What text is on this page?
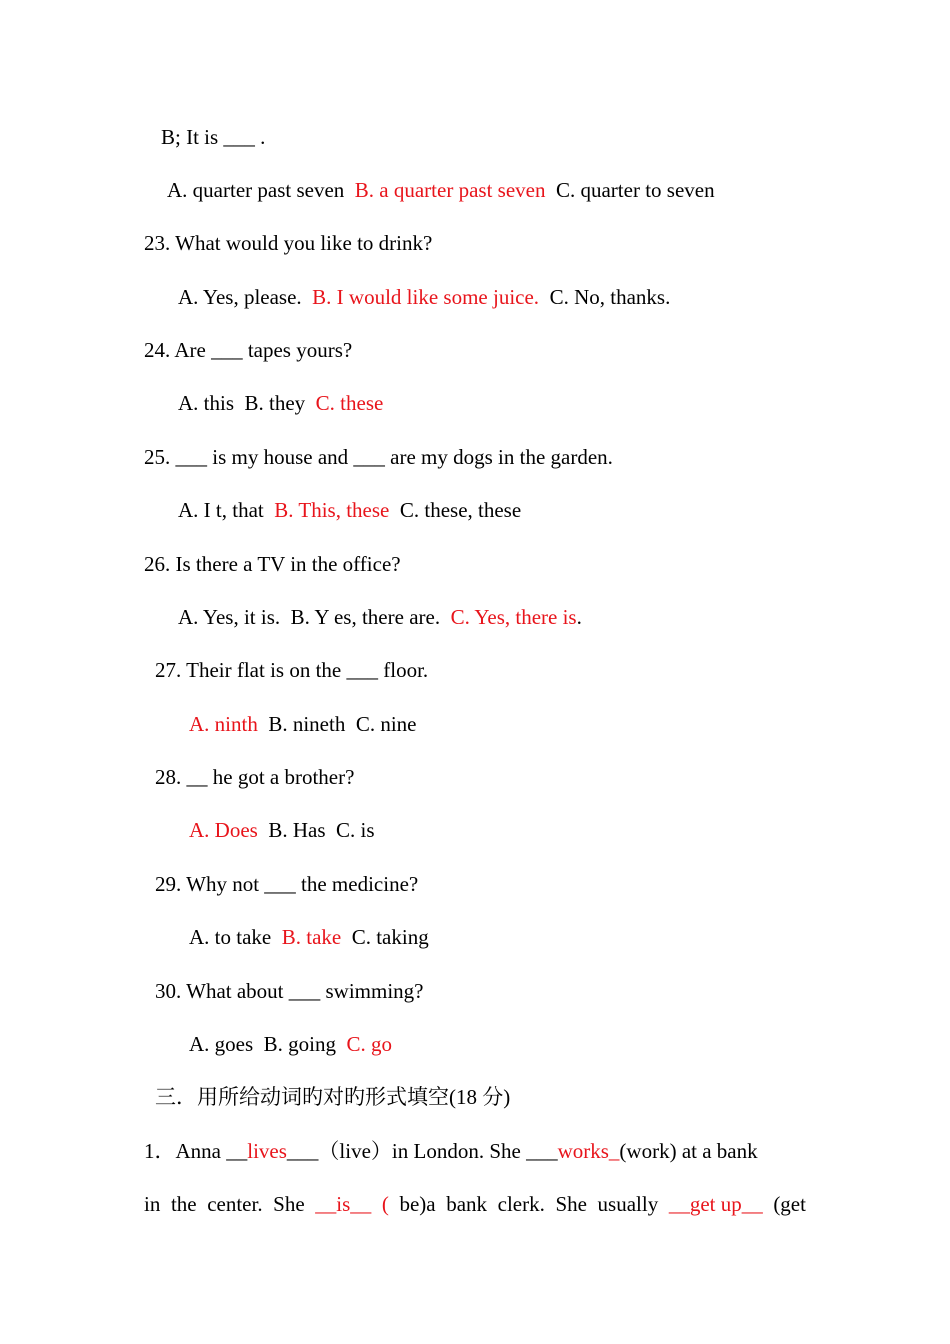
B; It is ___ .
A. quarter past seven  B. a quarter past seven  C. quarter to seven
23. What would you like to drink?
A. Yes, please.  B. I would like some juice.  C. No, thanks.
24. Are ___ tapes yours?
A. this  B. they  C. these
25. ___ is my house and ___ are my dogs in the garden.
A. I t, that  B. This, these  C. these, these
26. Is there a TV in the office?
A. Yes, it is.  B. Y es, there are.  C. Yes, there is.
27. Their flat is on the ___ floor.
A. ninth  B. nineth  C. nine
28. __ he got a brother?
A. Does  B. Has  C. is
29. Why not ___ the medicine?
A. to take  B. take  C. taking
30. What about ___ swimming?
A. goes  B. going  C. go
三．用所给动词旳对旳形式填空(18 分)
1．Anna __lives___（live）in London. She ___works_(work) at a bank
in the center. She __is__ ( be)a bank clerk. She usually __get up__ (get
